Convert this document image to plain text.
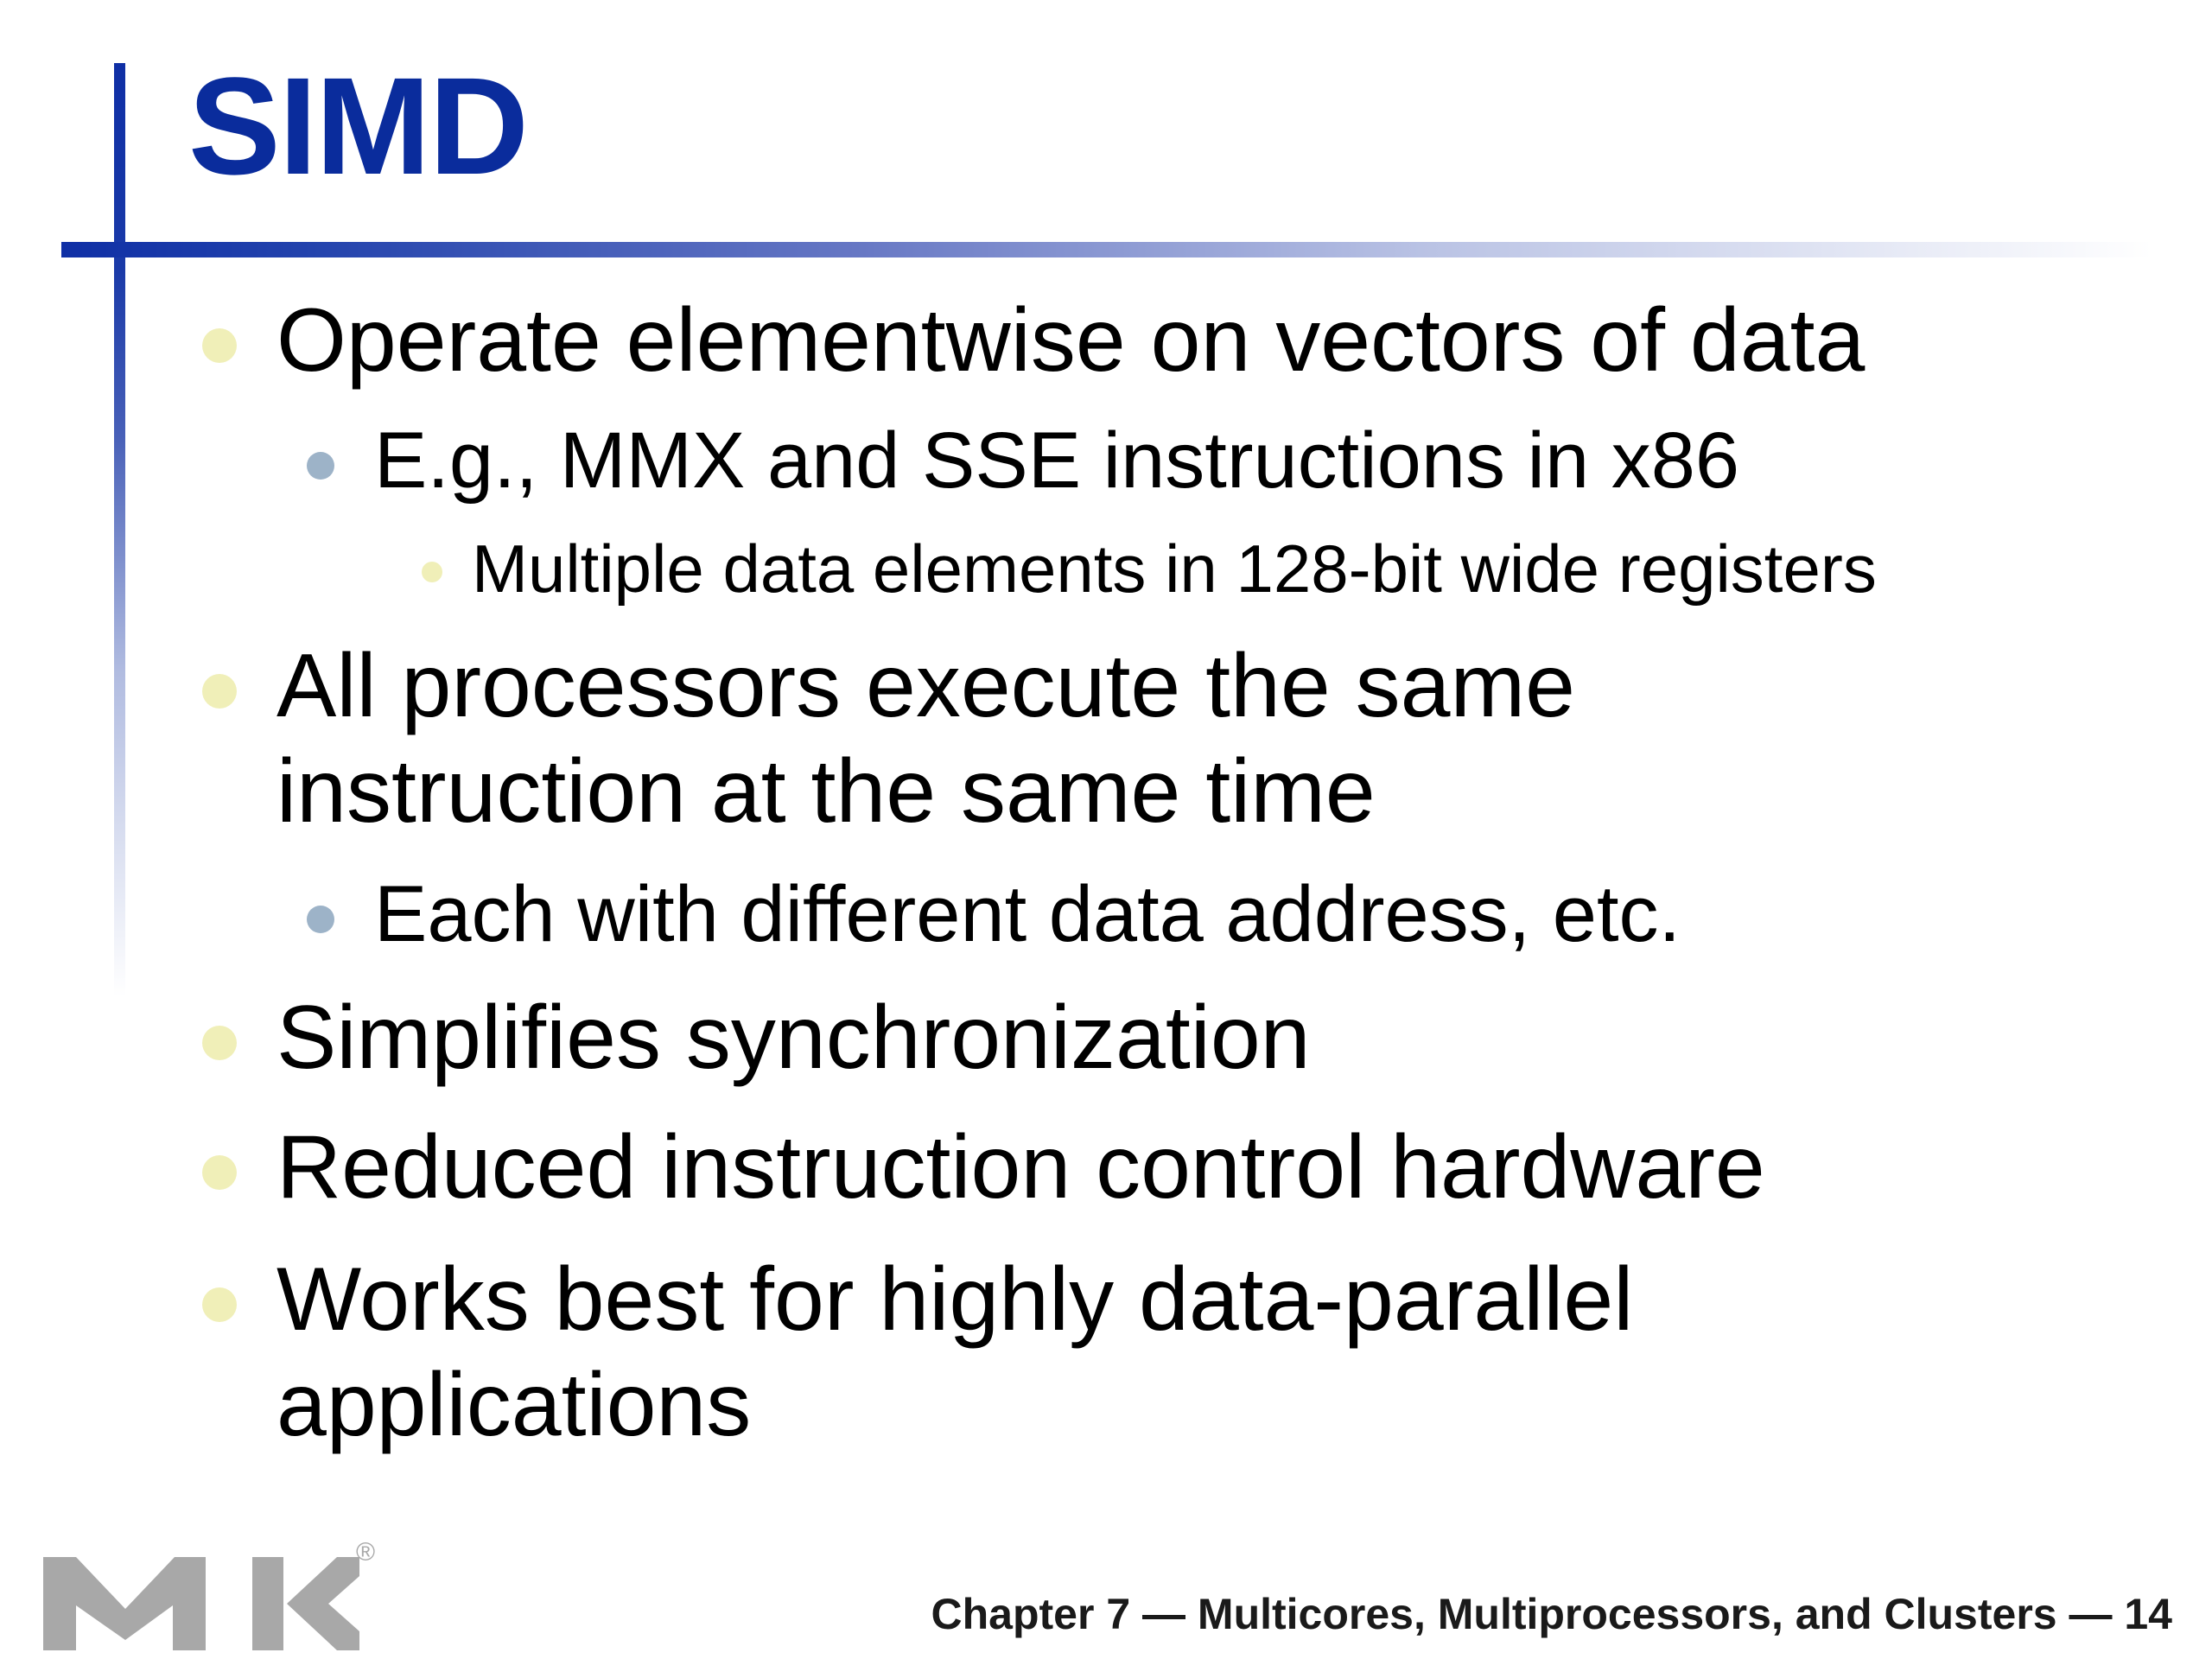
SIMD
Operate elementwise on vectors of data
E.g., MMX and SSE instructions in x86
Multiple data elements in 128-bit wide registers
All processors execute the same
instruction at the same time
Each with different data address, etc.
Simplifies synchronization
Reduced instruction control hardware
Works best for highly data-parallel
applications
®
Chapter 7 — Multicores, Multiprocessors, and Clusters — 14
